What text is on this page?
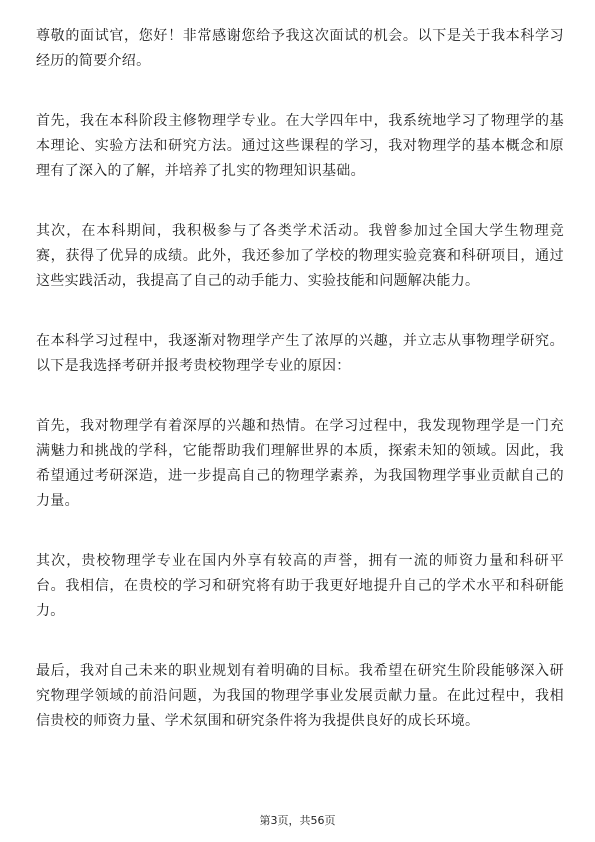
尊敬的面试官，您好！非常感谢您给予我这次面试的机会。以下是关于我本科学习经历的简要介绍。

首先，我在本科阶段主修物理学专业。在大学四年中，我系统地学习了物理学的基本理论、实验方法和研究方法。通过这些课程的学习，我对物理学的基本概念和原理有了深入的了解，并培养了扎实的物理知识基础。

其次，在本科期间，我积极参与了各类学术活动。我曾参加过全国大学生物理竞赛，获得了优异的成绩。此外，我还参加了学校的物理实验竞赛和科研项目，通过这些实践活动，我提高了自己的动手能力、实验技能和问题解决能力。

在本科学习过程中，我逐渐对物理学产生了浓厚的兴趣，并立志从事物理学研究。以下是我选择考研并报考贵校物理学专业的原因：

首先，我对物理学有着深厚的兴趣和热情。在学习过程中，我发现物理学是一门充满魅力和挑战的学科，它能帮助我们理解世界的本质，探索未知的领域。因此，我希望通过考研深造，进一步提高自己的物理学素养，为我国物理学事业贡献自己的力量。

其次，贵校物理学专业在国内外享有较高的声誉，拥有一流的师资力量和科研平台。我相信，在贵校的学习和研究将有助于我更好地提升自己的学术水平和科研能力。

最后，我对自己未来的职业规划有着明确的目标。我希望在研究生阶段能够深入研究物理学领域的前沿问题，为我国的物理学事业发展贡献力量。在此过程中，我相信贵校的师资力量、学术氛围和研究条件将为我提供良好的成长环境。

第3页，共56页
